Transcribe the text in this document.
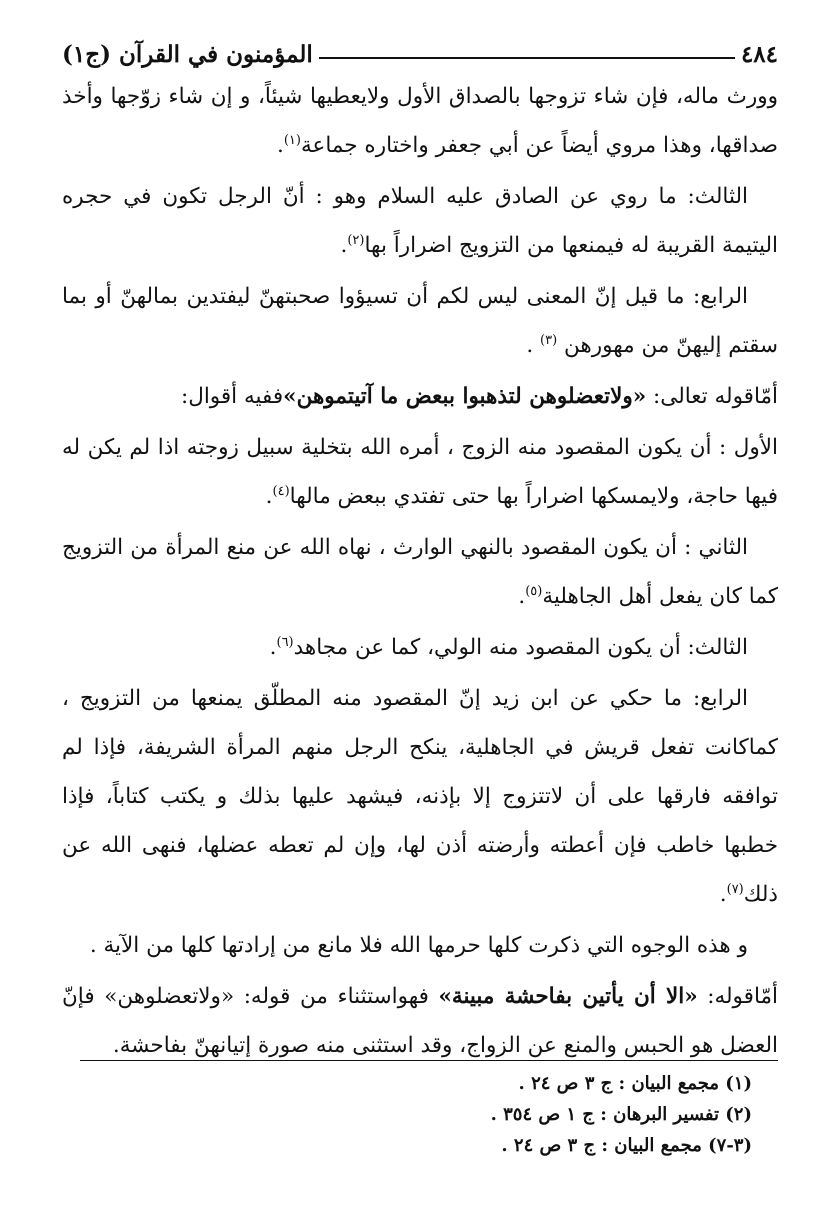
٤٨٤
المؤمنون في القرآن (ج١)

وورث ماله، فإن شاء تزوجها بالصداق الأول ولايعطيها شيئاً، و إن شاء زوّجها وأخذ صداقها، وهذا مروي أيضاً عن أبي جعفر واختاره جماعة$^{(١)}$.

الثالث: ما روي عن الصادق عليه السلام وهو : أنّ الرجل تكون في حجره اليتيمة القريبة له فيمنعها من التزويج اضراراً بها$^{(٢)}$.

الرابع: ما قيل إنّ المعنى ليس لكم أن تسيؤوا صحبتهنّ ليفتدين بمالهنّ أو بما سقتم إليهنّ من مهورهن $^{(٣)}$ .

أمّاقوله تعالى: «ولاتعضلوهن لتذهبوا ببعض ما آتيتموهن»ففيه أقوال:

الأول : أن يكون المقصود منه الزوج ، أمره الله بتخلية سبيل زوجته اذا لم يكن له فيها حاجة، ولايمسكها اضراراً بها حتى تفتدي ببعض مالها$^{(٤)}$.

الثاني : أن يكون المقصود بالنهي الوارث ، نهاه الله عن منع المرأة من التزويج كما كان يفعل أهل الجاهلية$^{(٥)}$.

الثالث: أن يكون المقصود منه الولي، كما عن مجاهد$^{(٦)}$.

الرابع: ما حكي عن ابن زيد إنّ المقصود منه المطلّق يمنعها من التزويج ، كماكانت تفعل قريش في الجاهلية، ينكح الرجل منهم المرأة الشريفة، فإذا لم توافقه فارقها على أن لاتتزوج إلا بإذنه، فيشهد عليها بذلك و يكتب كتاباً، فإذا خطبها خاطب فإن أعطته وأرضته أذن لها، وإن لم تعطه عضلها، فنهى الله عن ذلك$^{(٧)}$.

و هذه الوجوه التي ذكرت كلها حرمها الله فلا مانع من إرادتها كلها من الآية .

أمّاقوله: «الا أن يأتين بفاحشة مبينة» فهواستثناء من قوله: «ولاتعضلوهن» فإنّ العضل هو الحبس والمنع عن الزواج، وقد استثنى منه صورة إتيانهنّ بفاحشة.

(١) مجمع البيان : ج ٣ ص ٢٤ .

(٢) تفسير البرهان : ج ١ ص ٣٥٤ .

(٣-٧) مجمع البيان : ج ٣ ص ٢٤ .
